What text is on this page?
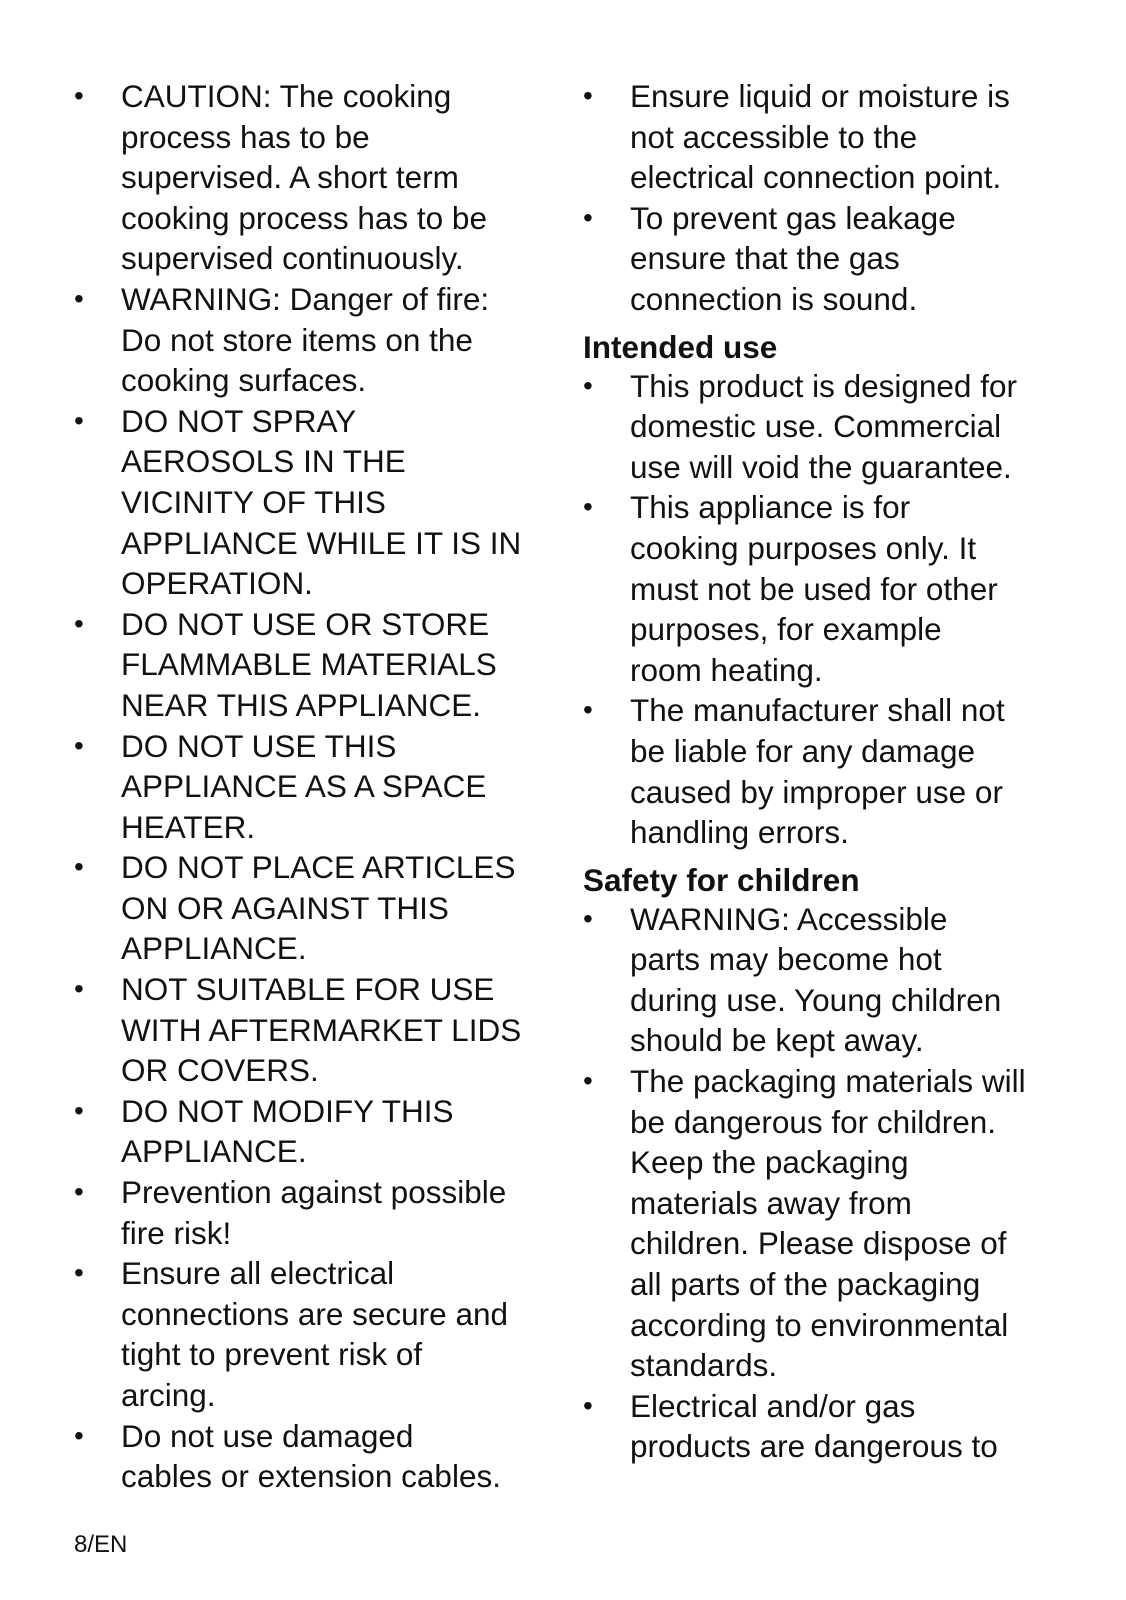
• CAUTION: The cooking
process has to be
supervised. A short term
cooking process has to be
supervised continuously.
• WARNING: Danger of fire:
Do not store items on the
cooking surfaces.
• DO NOT SPRAY
AEROSOLS IN THE
VICINITY OF THIS
APPLIANCE WHILE IT IS IN
OPERATION.
• DO NOT USE OR STORE
FLAMMABLE MATERIALS
NEAR THIS APPLIANCE.
• DO NOT USE THIS
APPLIANCE AS A SPACE
HEATER.
• DO NOT PLACE ARTICLES
ON OR AGAINST THIS
APPLIANCE.
• NOT SUITABLE FOR USE
WITH AFTERMARKET LIDS
OR COVERS.
• DO NOT MODIFY THIS
APPLIANCE.
• Prevention against possible
fire risk!
• Ensure all electrical
connections are secure and
tight to prevent risk of
arcing.
• Do not use damaged
cables or extension cables.
• Ensure liquid or moisture is
not accessible to the
electrical connection point.
• To prevent gas leakage
ensure that the gas
connection is sound.
Intended use
• This product is designed for
domestic use. Commercial
use will void the guarantee.
• This appliance is for
cooking purposes only. It
must not be used for other
purposes, for example
room heating.
• The manufacturer shall not
be liable for any damage
caused by improper use or
handling errors.
Safety for children
• WARNING: Accessible
parts may become hot
during use. Young children
should be kept away.
• The packaging materials will
be dangerous for children.
Keep the packaging
materials away from
children. Please dispose of
all parts of the packaging
according to environmental
standards.
• Electrical and/or gas
products are dangerous to
8/EN
